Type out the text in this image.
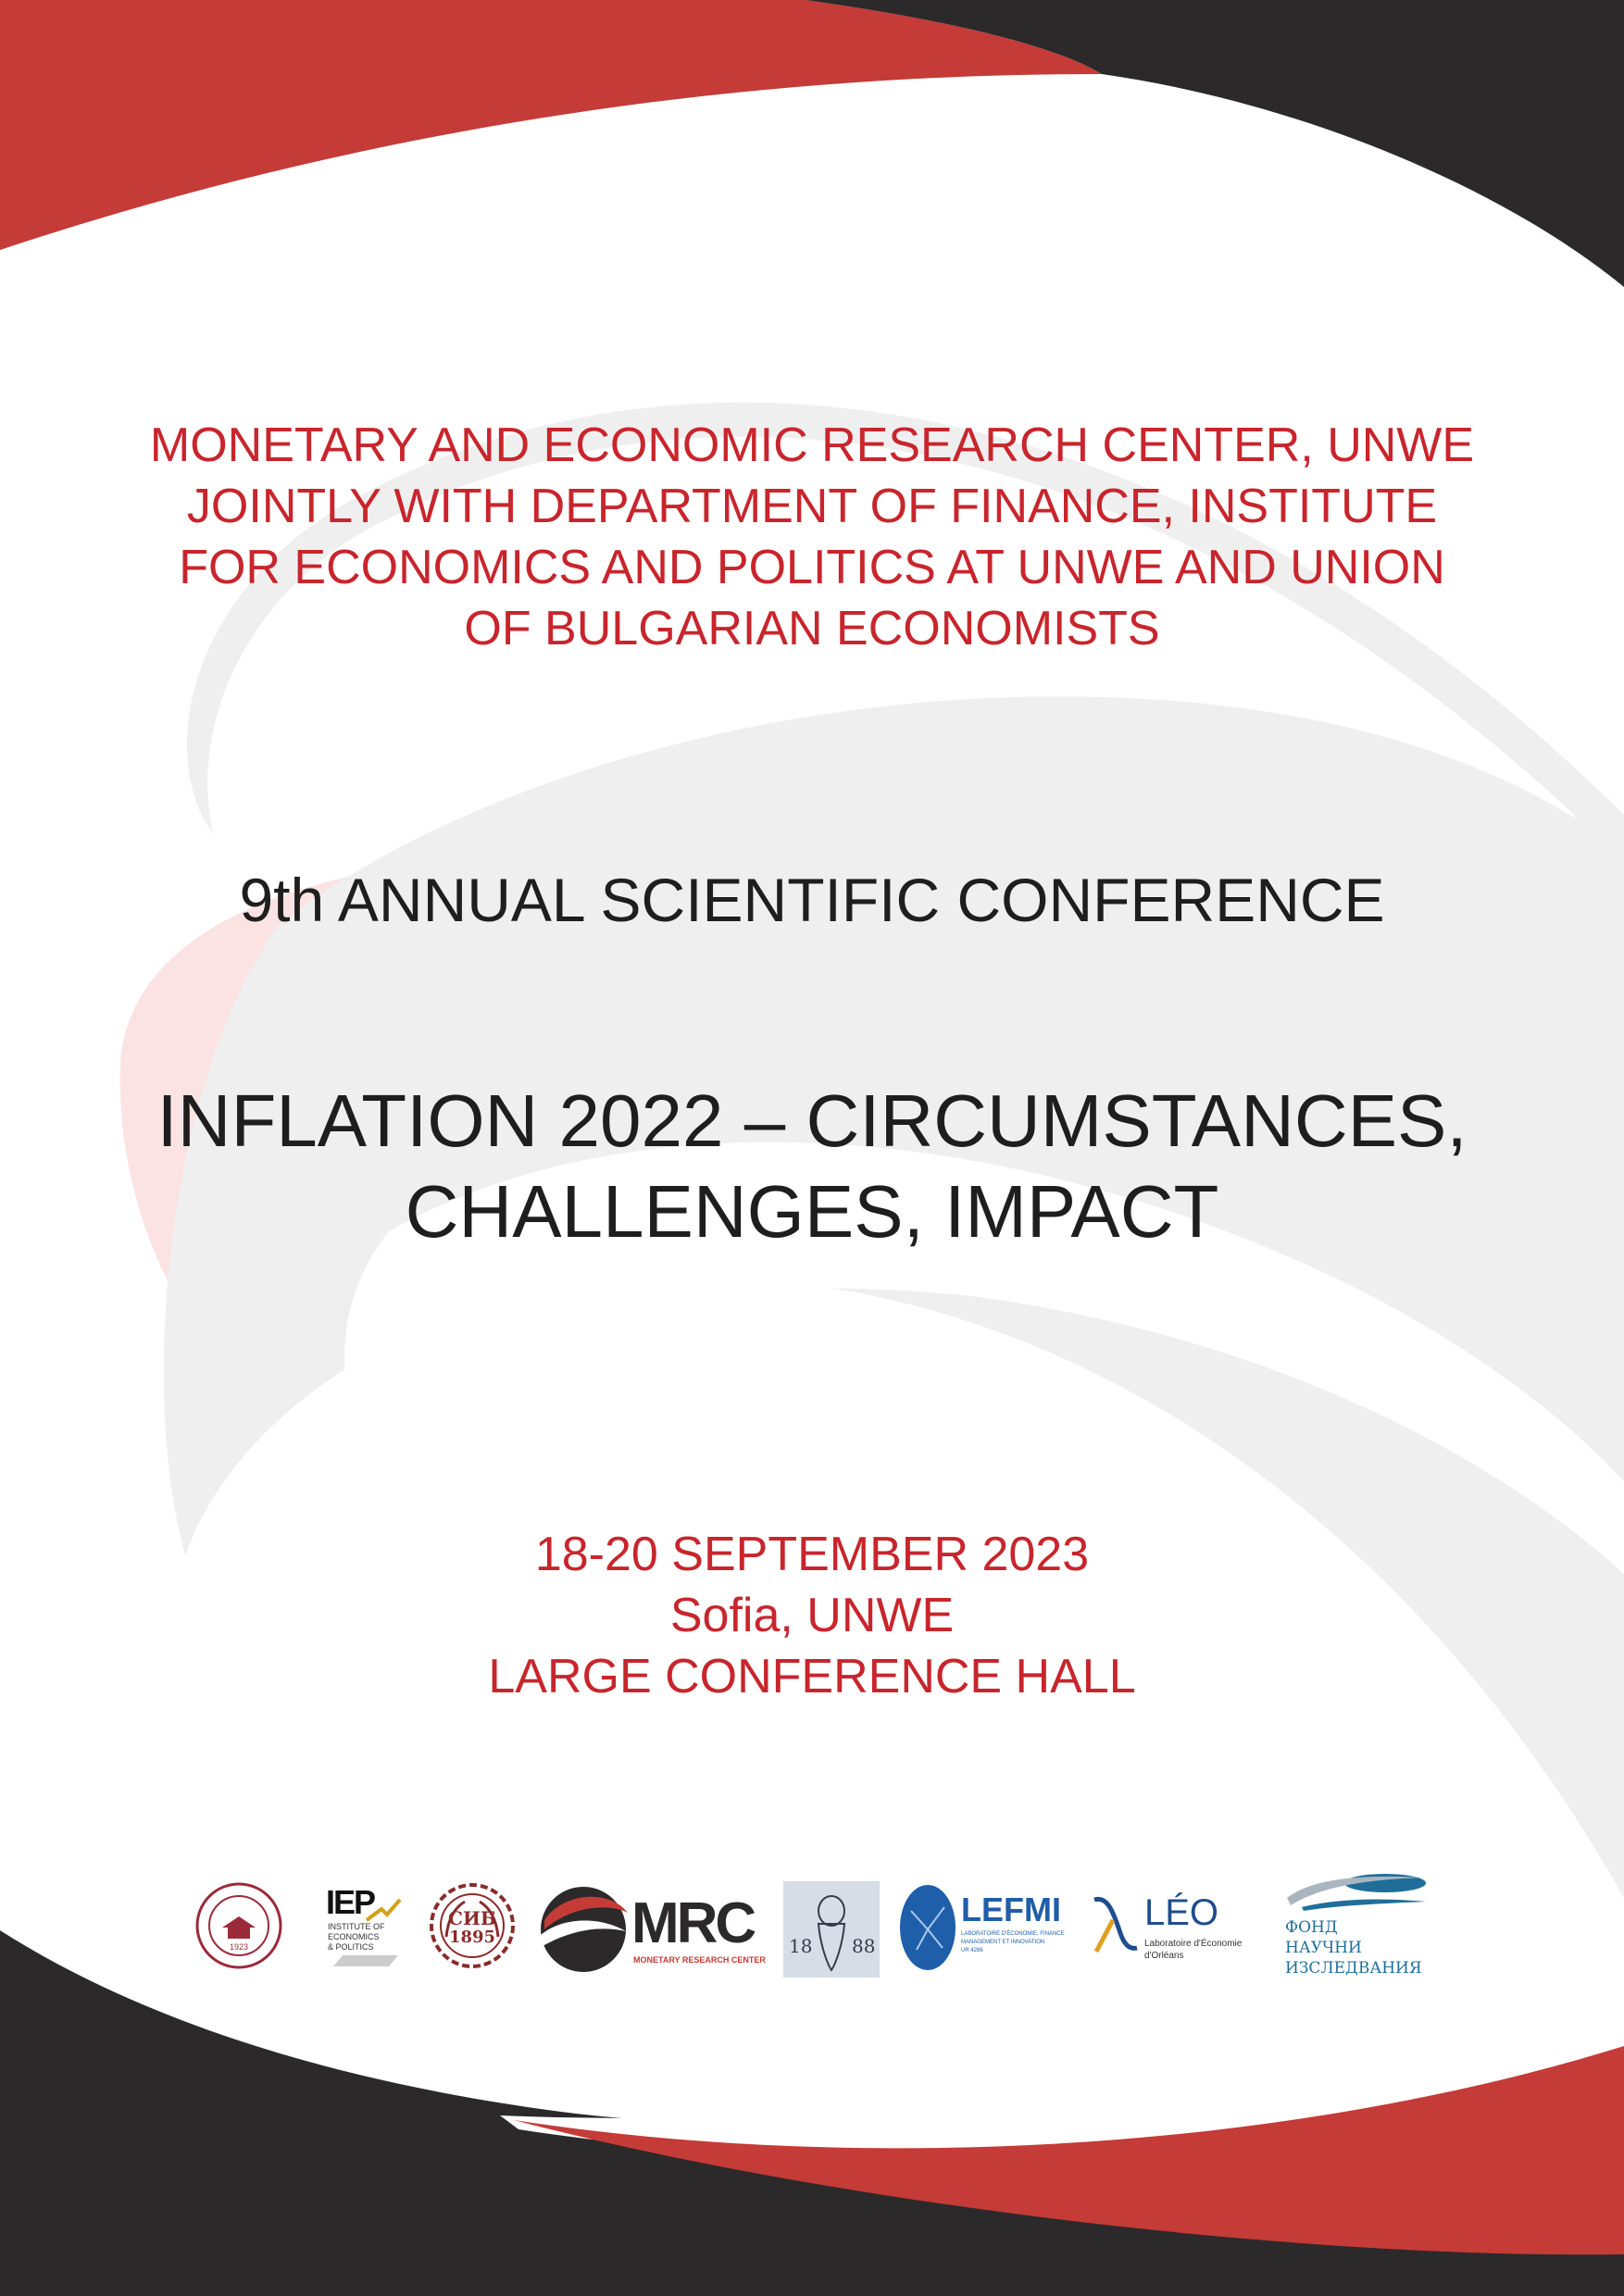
MONETARY AND ECONOMIC RESEARCH CENTER, UNWE
JOINTLY WITH DEPARTMENT OF FINANCE, INSTITUTE
FOR ECONOMICS AND POLITICS AT UNWE AND UNION
OF BULGARIAN ECONOMISTS
9th ANNUAL SCIENTIFIC CONFERENCE
INFLATION 2022 – CIRCUMSTANCES,
CHALLENGES, IMPACT
18-20 SEPTEMBER 2023
Sofia, UNWE
LARGE CONFERENCE HALL
1923
IEP
INSTITUTE OF
ECONOMICS
& POLITICS
СИБ
1895	MRC
MONETARY RESEARCH CENTER
18 88
LEFMI
LABORATOIRE D'ÉCONOMIE, FINANCE
MANAGEMENT ET INNOVATION
UR 4286
LÉO
Laboratoire d'Économie
d'Orléans
ФОНД
НАУЧНИ
ИЗСЛЕДВАНИЯ
